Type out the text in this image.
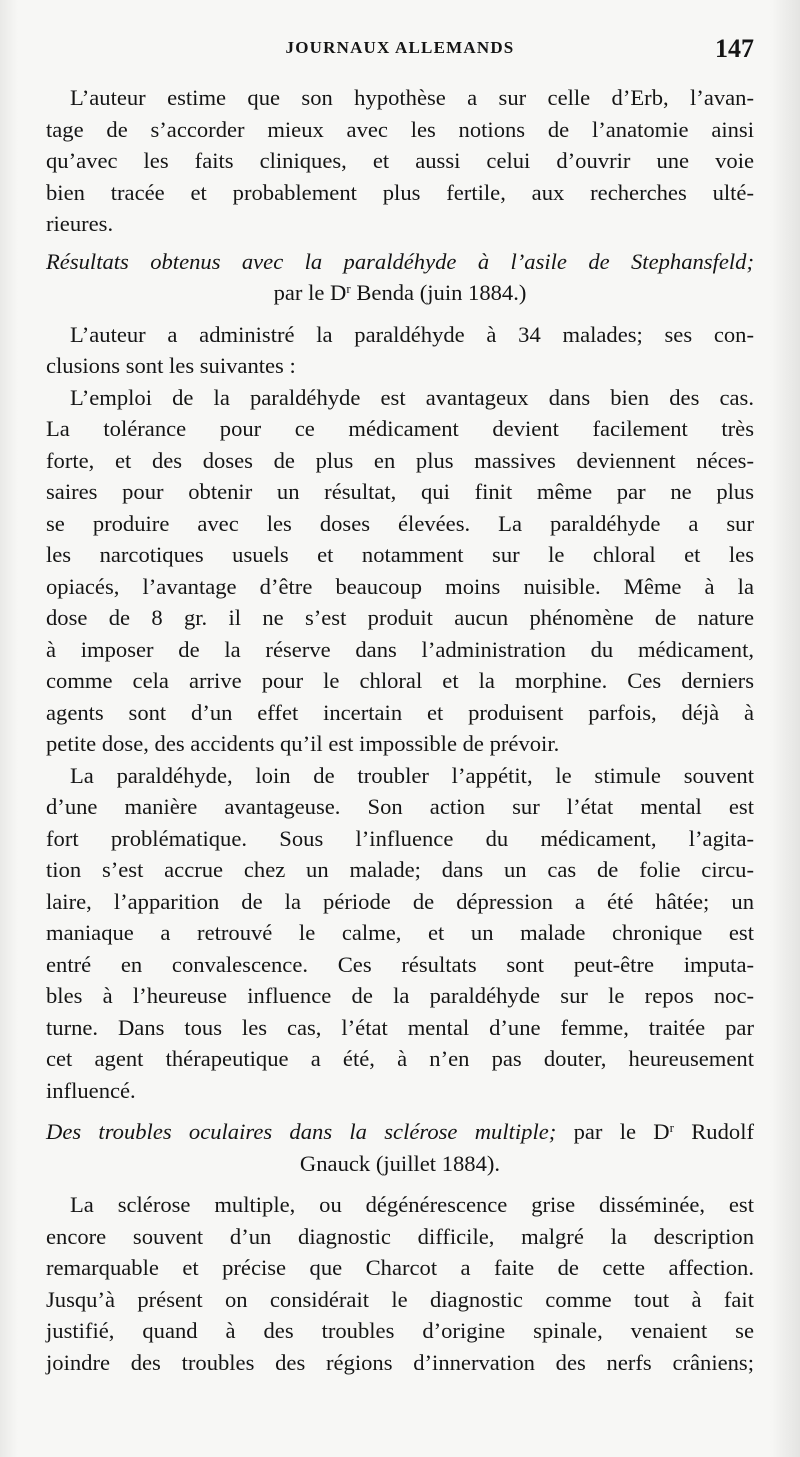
JOURNAUX ALLEMANDS	147
L’auteur estime que son hypothèse a sur celle d’Erb, l’avan-
tage de s’accorder mieux avec les notions de l’anatomie ainsi
qu’avec les faits cliniques, et aussi celui d’ouvrir une voie
bien tracée et probablement plus fertile, aux recherches ulté-
rieures.
Résultats obtenus avec la paraldéhyde à l’asile de Stephansfeld;
par le $D^r$ Benda (juin 1884.)
L’auteur a administré la paraldéhyde à 34 malades; ses con-
clusions sont les suivantes :
L’emploi de la paraldéhyde est avantageux dans bien des cas.
La tolérance pour ce médicament devient facilement très
forte, et des doses de plus en plus massives deviennent néces-
saires pour obtenir un résultat, qui finit même par ne plus
se produire avec les doses élevées. La paraldéhyde a sur
les narcotiques usuels et notamment sur le chloral et les
opiacés, l’avantage d’être beaucoup moins nuisible. Même à la
dose de 8 gr. il ne s’est produit aucun phénomène de nature
à imposer de la réserve dans l’administration du médicament,
comme cela arrive pour le chloral et la morphine. Ces derniers
agents sont d’un effet incertain et produisent parfois, déjà à
petite dose, des accidents qu’il est impossible de prévoir.
La paraldéhyde, loin de troubler l’appétit, le stimule souvent
d’une manière avantageuse. Son action sur l’état mental est
fort problématique. Sous l’influence du médicament, l’agita-
tion s’est accrue chez un malade; dans un cas de folie circu-
laire, l’apparition de la période de dépression a été hâtée; un
maniaque a retrouvé le calme, et un malade chronique est
entré en convalescence. Ces résultats sont peut-être imputa-
bles à l’heureuse influence de la paraldéhyde sur le repos noc-
turne. Dans tous les cas, l’état mental d’une femme, traitée par
cet agent thérapeutique a été, à n’en pas douter, heureusement
influencé.
Des troubles oculaires dans la sclérose multiple; par le $D^r$ Rudolf
Gnauck (juillet 1884).
La sclérose multiple, ou dégénérescence grise disséminée, est
encore souvent d’un diagnostic difficile, malgré la description
remarquable et précise que Charcot a faite de cette affection.
Jusqu’à présent on considérait le diagnostic comme tout à fait
justifié, quand à des troubles d’origine spinale, venaient se
joindre des troubles des régions d’innervation des nerfs crâniens;
